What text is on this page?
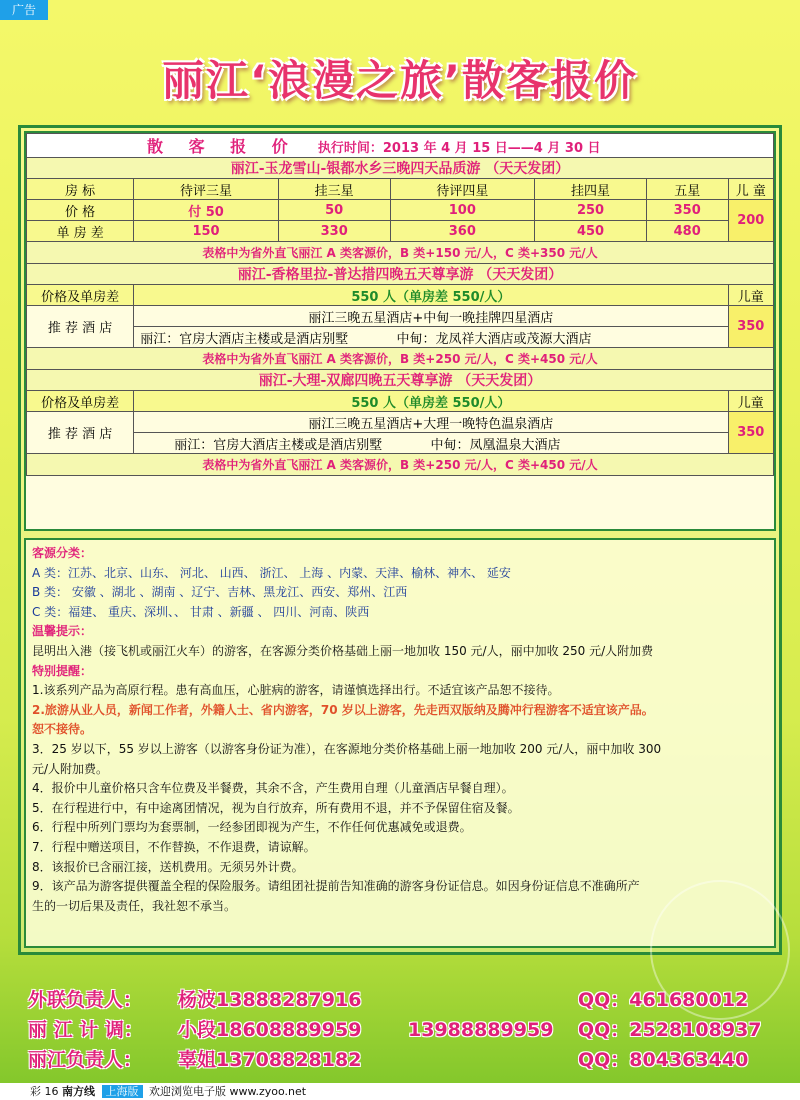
广告
丽江‘浪漫之旅’散客报价
散 客 报 价 执行时间：2013 年 4 月 15 日——4 月 30 日						
丽江-玉龙雪山-银都水乡三晚四天品质游 （天天发团）						
房 标	待评三星	挂三星	待评四星	挂四星	五星	儿 童
价 格	付 50	50	100	250	350	200
单 房 差	150	330	360	450	480	
表格中为省外直飞丽江 A 类客源价，B 类+150 元/人，C 类+350 元/人						
丽江-香格里拉-普达措四晚五天尊享游 （天天发团）						
价格及单房差	550 人（单房差 550/人）					儿童
推 荐 酒 店	丽江三晚五星酒店+中甸一晚挂牌四星酒店					350
	丽江：官房大酒店主楼或是酒店别墅 中甸：龙凤祥大酒店或茂源大酒店					
表格中为省外直飞丽江 A 类客源价，B 类+250 元/人，C 类+450 元/人						
丽江-大理-双廊四晚五天尊享游 （天天发团）						
价格及单房差	550 人（单房差 550/人）					儿童
推 荐 酒 店	丽江三晚五星酒店+大理一晚特色温泉酒店					350
	丽江：官房大酒店主楼或是酒店别墅 中甸：凤凰温泉大酒店					
表格中为省外直飞丽江 A 类客源价，B 类+250 元/人，C 类+450 元/人						
客源分类：
A 类：江苏、北京、山东、 河北、 山西、 浙江、 上海 、内蒙、天津、榆林、神木、 延安
B 类： 安徽 、湖北 、湖南 、辽宁、吉林、黑龙江、西安、郑州、江西
C 类：福建、 重庆、深圳、、 甘肃 、新疆 、 四川、河南、陕西
温馨提示：
昆明出入港（接飞机或丽江火车）的游客，在客源分类价格基础上丽一地加收 150 元/人，丽中加收 250 元/人附加费
特别提醒：
1.该系列产品为高原行程。患有高血压，心脏病的游客，请谨慎选择出行。不适宜该产品恕不接待。
2.旅游从业人员，新闻工作者，外籍人士、省内游客，70 岁以上游客，先走西双版纳及腾冲行程游客不适宜该产品。
恕不接待。
3．25 岁以下，55 岁以上游客（以游客身份证为准），在客源地分类价格基础上丽一地加收 200 元/人，丽中加收 300
元/人附加费。
4．报价中儿童价格只含车位费及半餐费，其余不含，产生费用自理（儿童酒店早餐自理）。
5．在行程进行中，有中途离团情况，视为自行放弃，所有费用不退，并不予保留住宿及餐。
6．行程中所列门票均为套票制，一经参团即视为产生，不作任何优惠减免或退费。
7．行程中赠送项目，不作替换，不作退费，请谅解。
8．该报价已含丽江接，送机费用。无须另外计费。
9．该产品为游客提供覆盖全程的保险服务。请组团社提前告知准确的游客身份证信息。如因身份证信息不准确所产
生的一切后果及责任，我社恕不承当。
外联负责人： 杨波13888287916	QQ：461680012
丽 江 计 调： 小段18608889959 13988889959 QQ：2528108937
丽江负责人： 辜姐13708828182	QQ：804363440
彩 16 南方线 上海版 欢迎浏览电子版 www.zyoo.net
